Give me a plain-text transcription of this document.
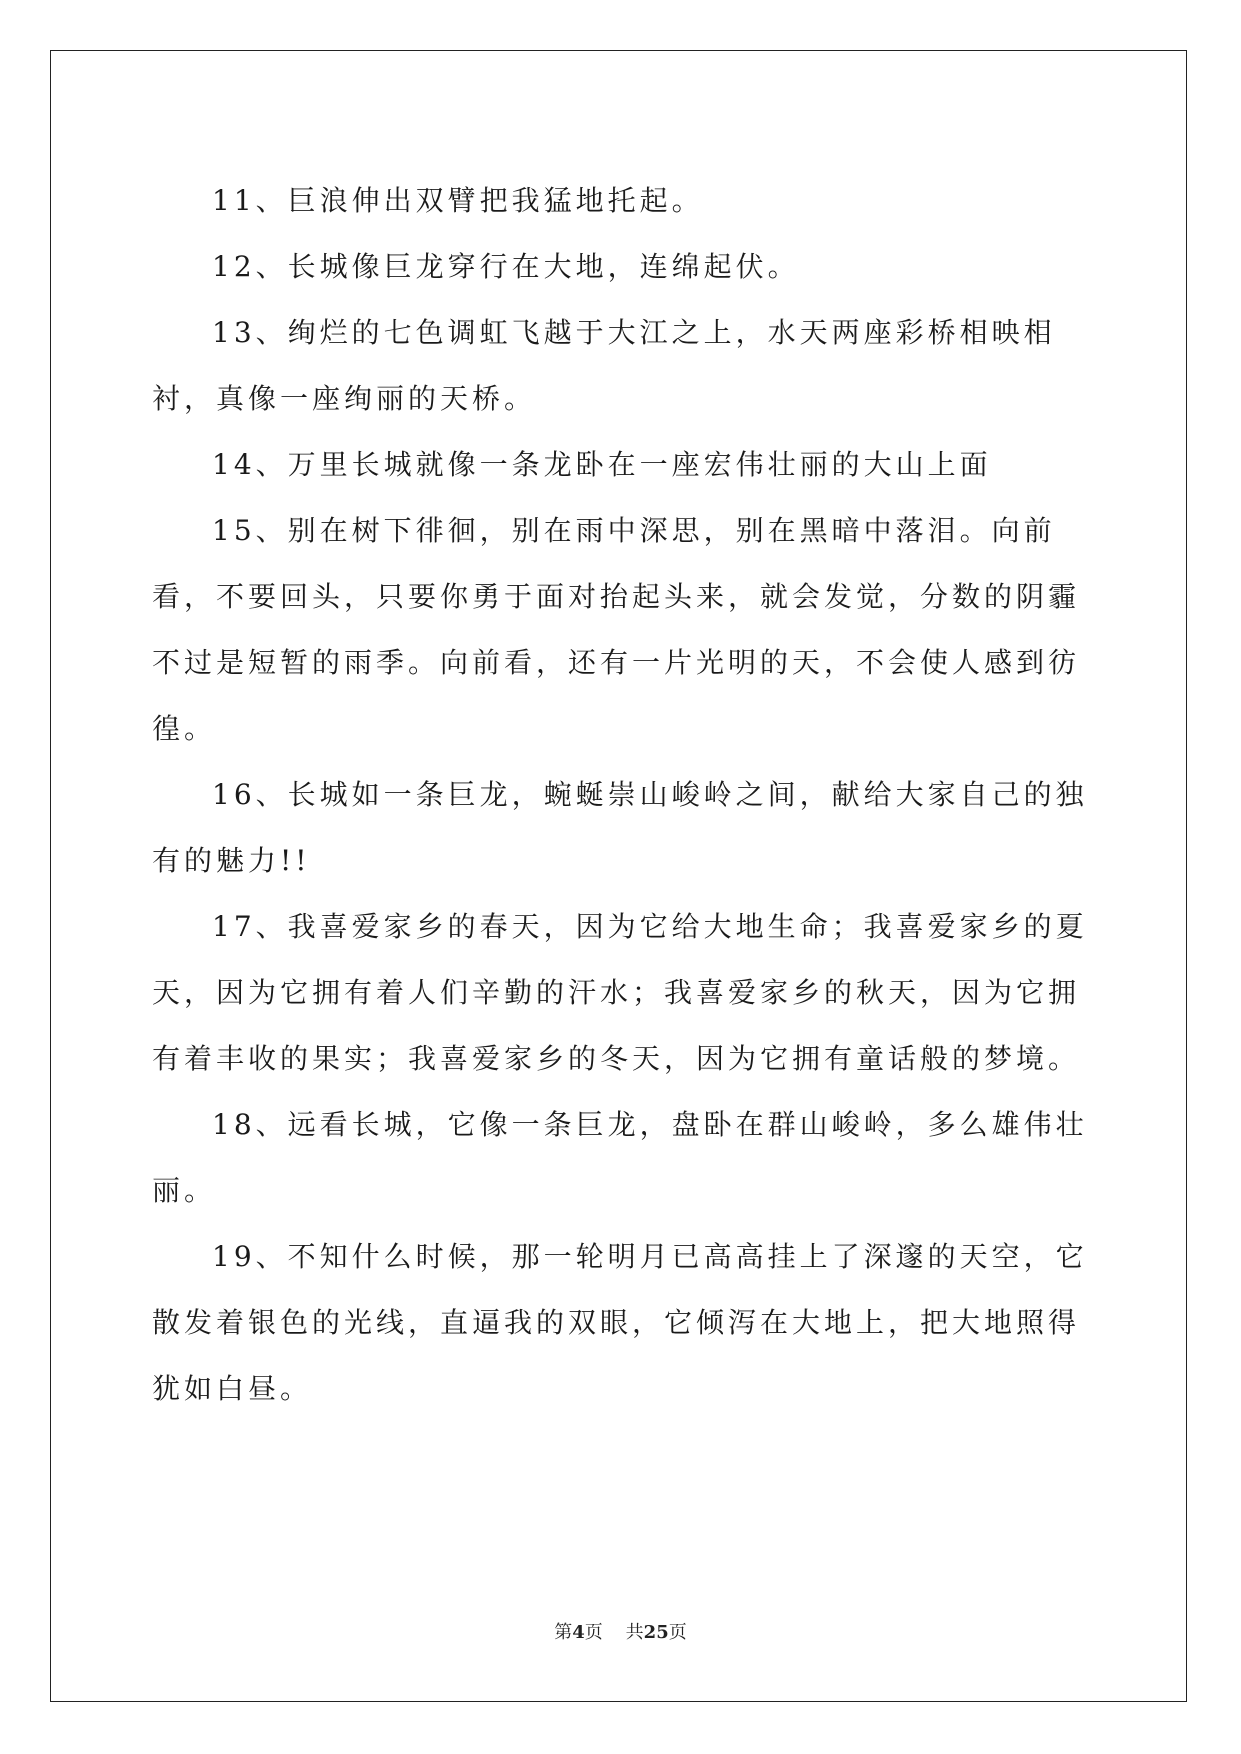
11、巨浪伸出双臂把我猛地托起。

12、长城像巨龙穿行在大地，连绵起伏。

13、绚烂的七色调虹飞越于大江之上，水天两座彩桥相映相衬，真像一座绚丽的天桥。

14、万里长城就像一条龙卧在一座宏伟壮丽的大山上面

15、别在树下徘徊，别在雨中深思，别在黑暗中落泪。向前看，不要回头，只要你勇于面对抬起头来，就会发觉，分数的阴霾不过是短暂的雨季。向前看，还有一片光明的天，不会使人感到彷徨。

16、长城如一条巨龙，蜿蜒崇山峻岭之间，献给大家自己的独有的魅力!!

17、我喜爱家乡的春天，因为它给大地生命；我喜爱家乡的夏天，因为它拥有着人们辛勤的汗水；我喜爱家乡的秋天，因为它拥有着丰收的果实；我喜爱家乡的冬天，因为它拥有童话般的梦境。

18、远看长城，它像一条巨龙，盘卧在群山峻岭，多么雄伟壮丽。

19、不知什么时候，那一轮明月已高高挂上了深邃的天空，它散发着银色的光线，直逼我的双眼，它倾泻在大地上，把大地照得犹如白昼。

第4页 共25页
